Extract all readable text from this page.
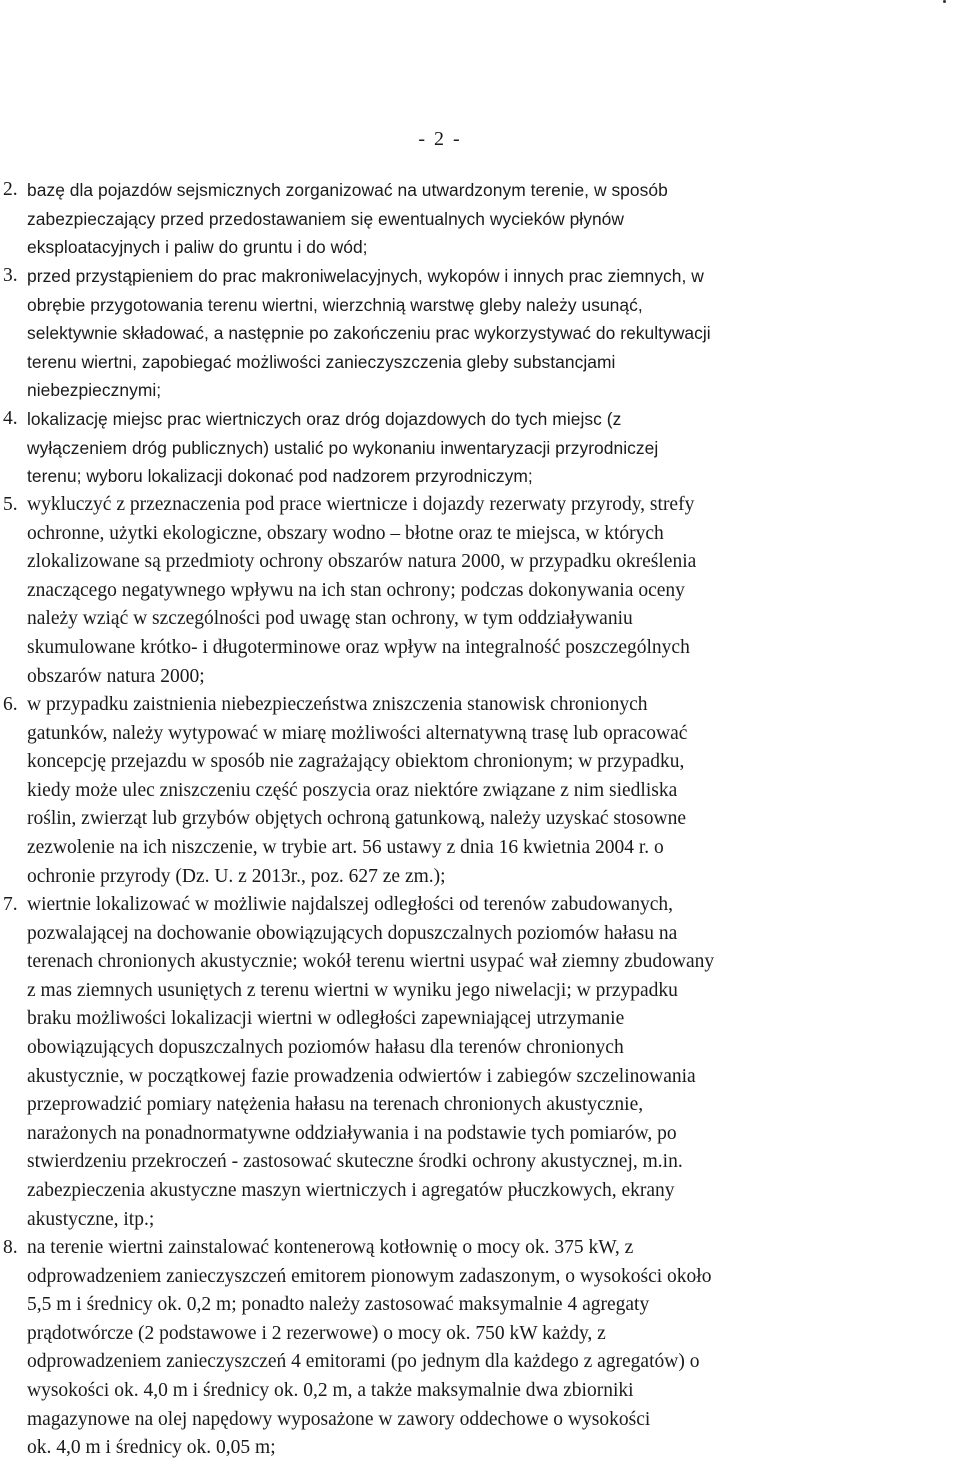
- 2 -
2. bazę dla pojazdów sejsmicznych zorganizować na utwardzonym terenie, w sposób
zabezpieczający przed przedostawaniem się ewentualnych wycieków płynów
eksploatacyjnych i paliw do gruntu i do wód;
3. przed przystąpieniem do prac makroniwelacyjnych, wykopów i innych prac ziemnych, w
obrębie przygotowania terenu wiertni, wierzchnią warstwę gleby należy usunąć,
selektywnie składować, a następnie po zakończeniu prac wykorzystywać do rekultywacji
terenu wiertni, zapobiegać możliwości zanieczyszczenia gleby substancjami
niebezpiecznymi;
4. lokalizację miejsc prac wiertniczych oraz dróg dojazdowych do tych miejsc (z
wyłączeniem dróg publicznych) ustalić po wykonaniu inwentaryzacji przyrodniczej
terenu; wyboru lokalizacji dokonać pod nadzorem przyrodniczym;
5. wykluczyć z przeznaczenia pod prace wiertnicze i dojazdy rezerwaty przyrody, strefy
ochronne, użytki ekologiczne, obszary wodno – błotne oraz te miejsca, w których
zlokalizowane są przedmioty ochrony obszarów natura 2000, w przypadku określenia
znaczącego negatywnego wpływu na ich stan ochrony; podczas dokonywania oceny
należy wziąć w szczególności pod uwagę stan ochrony, w tym oddziaływaniu
skumulowane krótko- i długoterminowe oraz wpływ na integralność poszczególnych
obszarów natura 2000;
6. w przypadku zaistnienia niebezpieczeństwa zniszczenia stanowisk chronionych
gatunków, należy wytypować w miarę możliwości alternatywną trasę lub opracować
koncepcję przejazdu w sposób nie zagrażający obiektom chronionym; w przypadku,
kiedy może ulec zniszczeniu część poszycia oraz niektóre związane z nim siedliska
roślin, zwierząt lub grzybów objętych ochroną gatunkową, należy uzyskać stosowne
zezwolenie na ich niszczenie, w trybie art. 56 ustawy z dnia 16 kwietnia 2004 r. o
ochronie przyrody (Dz. U. z 2013r., poz. 627 ze zm.);
7. wiertnie lokalizować w możliwie najdalszej odległości od terenów zabudowanych,
pozwalającej na dochowanie obowiązujących dopuszczalnych poziomów hałasu na
terenach chronionych akustycznie; wokół terenu wiertni usypać wał ziemny zbudowany
z mas ziemnych usuniętych z terenu wiertni w wyniku jego niwelacji; w przypadku
braku możliwości lokalizacji wiertni w odległości zapewniającej utrzymanie
obowiązujących dopuszczalnych poziomów hałasu dla terenów chronionych
akustycznie, w początkowej fazie prowadzenia odwiertów i zabiegów szczelinowania
przeprowadzić pomiary natężenia hałasu na terenach chronionych akustycznie,
narażonych na ponadnormatywne oddziaływania i na podstawie tych pomiarów, po
stwierdzeniu przekroczeń - zastosować skuteczne środki ochrony akustycznej, m.in.
zabezpieczenia akustyczne maszyn wiertniczych i agregatów płuczkowych, ekrany
akustyczne, itp.;
8. na terenie wiertni zainstalować kontenerową kotłownię o mocy ok. 375 kW, z
odprowadzeniem zanieczyszczeń emitorem pionowym zadaszonym, o wysokości około
5,5 m i średnicy ok. 0,2 m; ponadto należy zastosować maksymalnie 4 agregaty
prądotwórcze (2 podstawowe i 2 rezerwowe) o mocy ok. 750 kW każdy, z
odprowadzeniem zanieczyszczeń 4 emitorami (po jednym dla każdego z agregatów) o
wysokości ok. 4,0 m i średnicy ok. 0,2 m, a także maksymalnie dwa zbiorniki
magazynowe na olej napędowy wyposażone w zawory oddechowe o wysokości
ok. 4,0 m i średnicy ok. 0,05 m;
